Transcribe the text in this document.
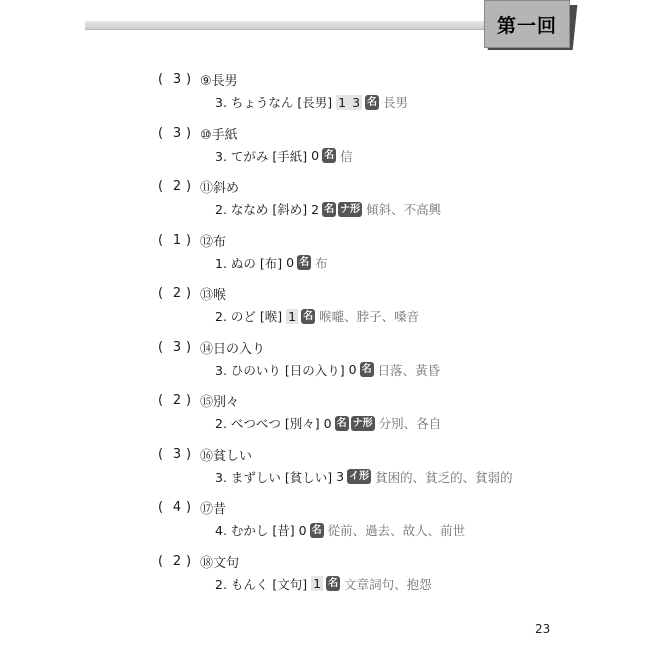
第一回
( 3 ) ⑨長男
3. ちょうなん [長男] 1 3 名 長男
( 3 ) ⑩手紙
3. てがみ [手紙] 0 名 信
( 2 ) ⑪斜め
2. ななめ [斜め] 2 名 ナ形 傾斜、不高興
( 1 ) ⑫布
1. ぬの [布] 0 名 布
( 2 ) ⑬喉
2. のど [喉] 1 名 喉嚨、脖子、嗓音
( 3 ) ⑭日の入り
3. ひのいり [日の入り] 0 名 日落、黃昏
( 2 ) ⑮別々
2. べつべつ [別々] 0 名 ナ形 分別、各自
( 3 ) ⑯貧しい
3. まずしい [貧しい] 3 イ形 貧困的、貧乏的、貧弱的
( 4 ) ⑰昔
4. むかし [昔] 0 名 從前、過去、故人、前世
( 2 ) ⑱文句
2. もんく [文句] 1 名 文章詞句、抱怨
23
